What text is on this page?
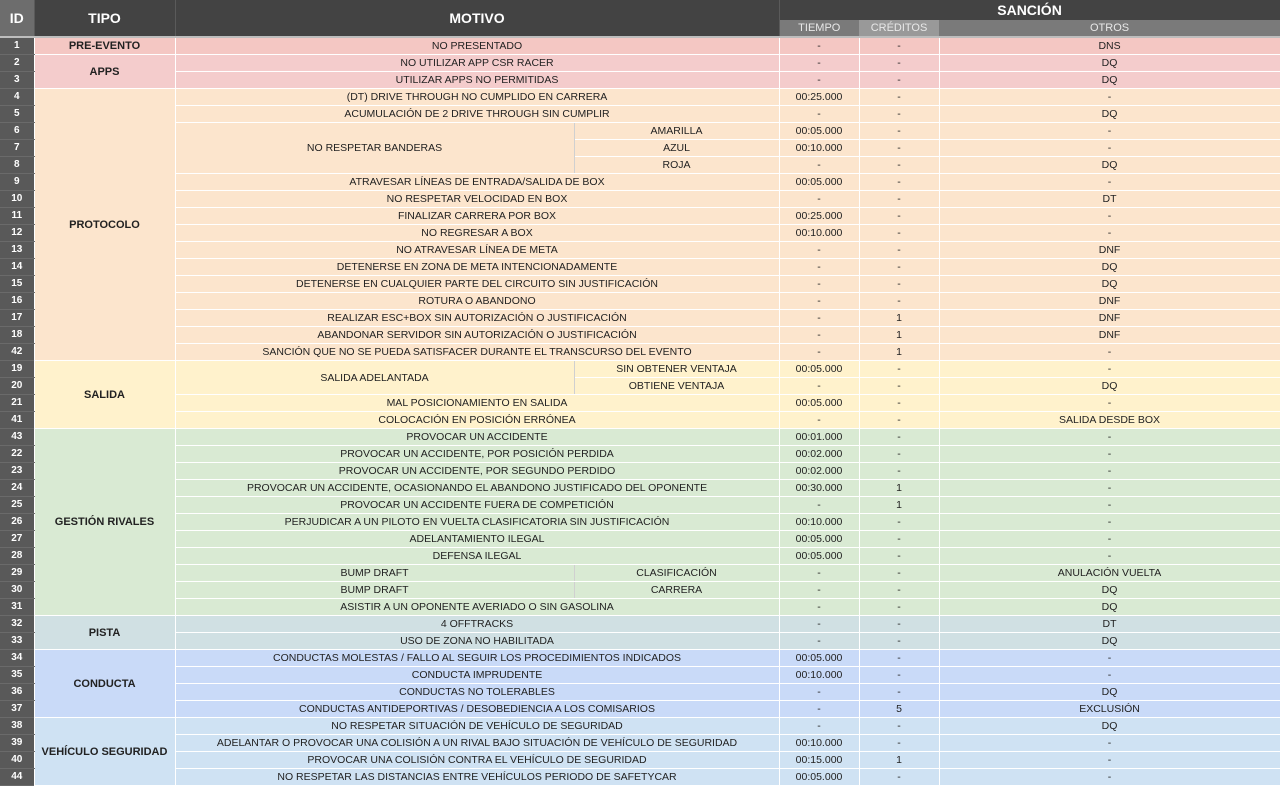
ID	TIPO	MOTIVO		SANCIÓN		
				TIEMPO	CRÉDITOS	OTROS

1	PRE-EVENTO	NO PRESENTADO		-	-	DNS
2	APPS	NO UTILIZAR APP CSR RACER		-	-	DQ
3		UTILIZAR APPS NO PERMITIDAS		-	-	DQ
4	PROTOCOLO	(DT) DRIVE THROUGH NO CUMPLIDO EN CARRERA		00:25.000	-	-
5		ACUMULACIÓN DE 2 DRIVE THROUGH SIN CUMPLIR		-	-	DQ
6		NO RESPETAR BANDERAS	AMARILLA	00:05.000	-	-
7			AZUL	00:10.000	-	-
8			ROJA	-	-	DQ
9		ATRAVESAR LÍNEAS DE ENTRADA/SALIDA DE BOX		00:05.000	-	-
10		NO RESPETAR VELOCIDAD EN BOX		-	-	DT
11		FINALIZAR CARRERA POR BOX		00:25.000	-	-
12		NO REGRESAR A BOX		00:10.000	-	-
13		NO ATRAVESAR LÍNEA DE META		-	-	DNF
14		DETENERSE EN ZONA DE META INTENCIONADAMENTE		-	-	DQ
15		DETENERSE EN CUALQUIER PARTE DEL CIRCUITO SIN JUSTIFICACIÓN		-	-	DQ
16		ROTURA O ABANDONO		-	-	DNF
17		REALIZAR ESC+BOX SIN AUTORIZACIÓN O JUSTIFICACIÓN		-	1	DNF
18		ABANDONAR SERVIDOR SIN AUTORIZACIÓN O JUSTIFICACIÓN		-	1	DNF
42		SANCIÓN QUE NO SE PUEDA SATISFACER DURANTE EL TRANSCURSO DEL EVENTO		-	1	-
19	SALIDA	SALIDA ADELANTADA	SIN OBTENER VENTAJA	00:05.000	-	-
20			OBTIENE VENTAJA	-	-	DQ
21		MAL POSICIONAMIENTO EN SALIDA		00:05.000	-	-
41		COLOCACIÓN EN POSICIÓN ERRÓNEA		-	-	SALIDA DESDE BOX
43	GESTIÓN RIVALES	PROVOCAR UN ACCIDENTE		00:01.000	-	-
22		PROVOCAR UN ACCIDENTE, POR POSICIÓN PERDIDA		00:02.000	-	-
23		PROVOCAR UN ACCIDENTE, POR SEGUNDO PERDIDO		00:02.000	-	-
24		PROVOCAR UN ACCIDENTE, OCASIONANDO EL ABANDONO JUSTIFICADO DEL OPONENTE		00:30.000	1	-
25		PROVOCAR UN ACCIDENTE FUERA DE COMPETICIÓN		-	1	-
26		PERJUDICAR A UN PILOTO EN VUELTA CLASIFICATORIA SIN JUSTIFICACIÓN		00:10.000	-	-
27		ADELANTAMIENTO ILEGAL		00:05.000	-	-
28		DEFENSA ILEGAL		00:05.000	-	-
29		BUMP DRAFT	CLASIFICACIÓN	-	-	ANULACIÓN VUELTA
30		BUMP DRAFT	CARRERA	-	-	DQ
31		ASISTIR A UN OPONENTE AVERIADO O SIN GASOLINA		-	-	DQ
32	PISTA	4 OFFTRACKS		-	-	DT
33		USO DE ZONA NO HABILITADA		-	-	DQ
34	CONDUCTA	CONDUCTAS MOLESTAS / FALLO AL SEGUIR LOS PROCEDIMIENTOS INDICADOS		00:05.000	-	-
35		CONDUCTA IMPRUDENTE		00:10.000	-	-
36		CONDUCTAS NO TOLERABLES		-	-	DQ
37		CONDUCTAS ANTIDEPORTIVAS / DESOBEDIENCIA A LOS COMISARIOS		-	5	EXCLUSIÓN
38	VEHÍCULO SEGURIDAD	NO RESPETAR SITUACIÓN DE VEHÍCULO DE SEGURIDAD		-	-	DQ
39		ADELANTAR O PROVOCAR UNA COLISIÓN A UN RIVAL BAJO SITUACIÓN DE VEHÍCULO DE SEGURIDAD		00:10.000	-	-
40		PROVOCAR UNA COLISIÓN CONTRA EL VEHÍCULO DE SEGURIDAD		00:15.000	1	-
44		NO RESPETAR LAS DISTANCIAS ENTRE VEHÍCULOS PERIODO DE SAFETYCAR		00:05.000	-	-
